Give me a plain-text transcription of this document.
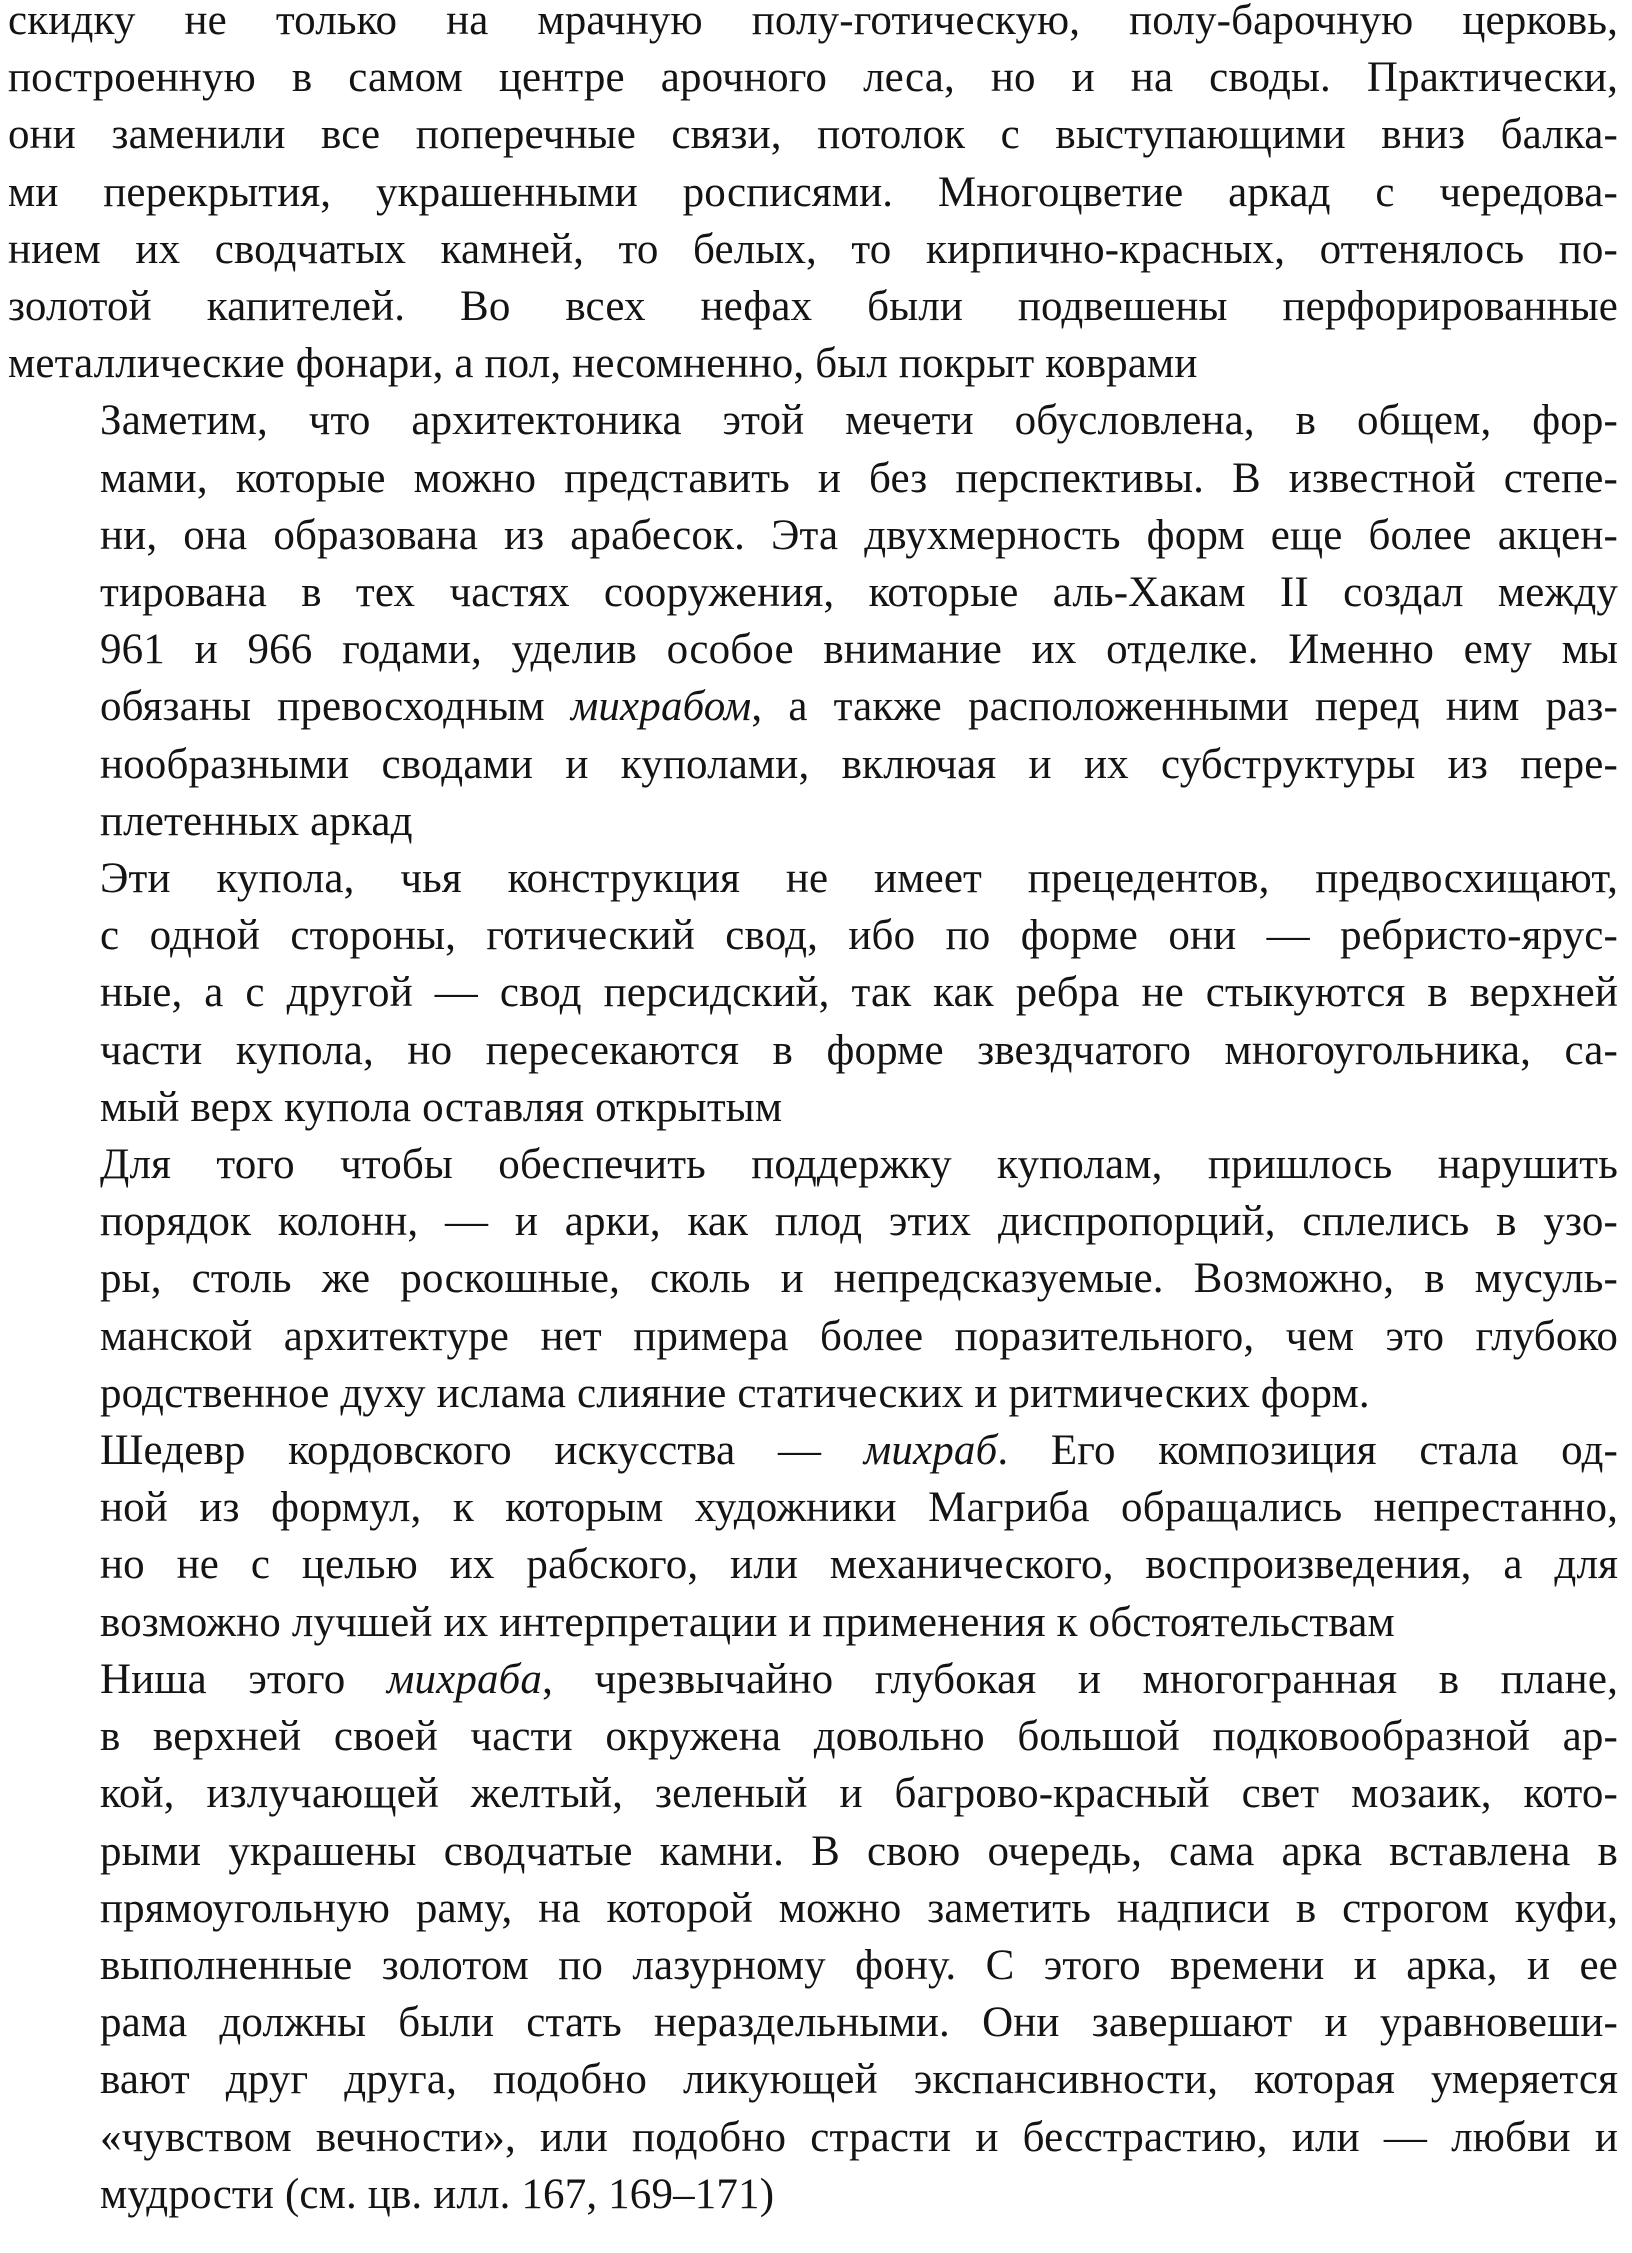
скидку не только на мрачную полу-готическую, полу-барочную церковь,
построенную в самом центре арочного леса, но и на своды. Практически,
они заменили все поперечные связи, потолок с выступающими вниз балка-
ми перекрытия, украшенными росписями. Многоцветие аркад с чередова-
нием их сводчатых камней, то белых, то кирпично-красных, оттенялось по-
золотой капителей. Во всех нефах были подвешены перфорированные
металлические фонари, а пол, несомненно, был покрыт коврами

Заметим, что архитектоника этой мечети обусловлена, в общем, фор-
мами, которые можно представить и без перспективы. В известной степе-
ни, она образована из арабесок. Эта двухмерность форм еще более акцен-
тирована в тех частях сооружения, которые аль-Хакам II создал между
961 и 966 годами, уделив особое внимание их отделке. Именно ему мы
обязаны превосходным михрабом, а также расположенными перед ним раз-
нообразными сводами и куполами, включая и их субструктуры из пере-
плетенных аркад

Эти купола, чья конструкция не имеет прецедентов, предвосхищают,
с одной стороны, готический свод, ибо по форме они — ребристо-ярус-
ные, а с другой — свод персидский, так как ребра не стыкуются в верхней
части купола, но пересекаются в форме звездчатого многоугольника, са-
мый верх купола оставляя открытым

Для того чтобы обеспечить поддержку куполам, пришлось нарушить
порядок колонн, — и арки, как плод этих диспропорций, сплелись в узо-
ры, столь же роскошные, сколь и непредсказуемые. Возможно, в мусуль-
манской архитектуре нет примера более поразительного, чем это глубоко
родственное духу ислама слияние статических и ритмических форм.

Шедевр кордовского искусства — михраб. Его композиция стала од-
ной из формул, к которым художники Магриба обращались непрестанно,
но не с целью их рабского, или механического, воспроизведения, а для
возможно лучшей их интерпретации и применения к обстоятельствам

Ниша этого михраба, чрезвычайно глубокая и многогранная в плане,
в верхней своей части окружена довольно большой подковообразной ар-
кой, излучающей желтый, зеленый и багрово-красный свет мозаик, кото-
рыми украшены сводчатые камни. В свою очередь, сама арка вставлена в
прямоугольную раму, на которой можно заметить надписи в строгом куфи,
выполненные золотом по лазурному фону. С этого времени и арка, и ее
рама должны были стать нераздельными. Они завершают и уравновеши-
вают друг друга, подобно ликующей экспансивности, которая умеряется
«чувством вечности», или подобно страсти и бесстрастию, или — любви и
мудрости (см. цв. илл. 167, 169–171)
